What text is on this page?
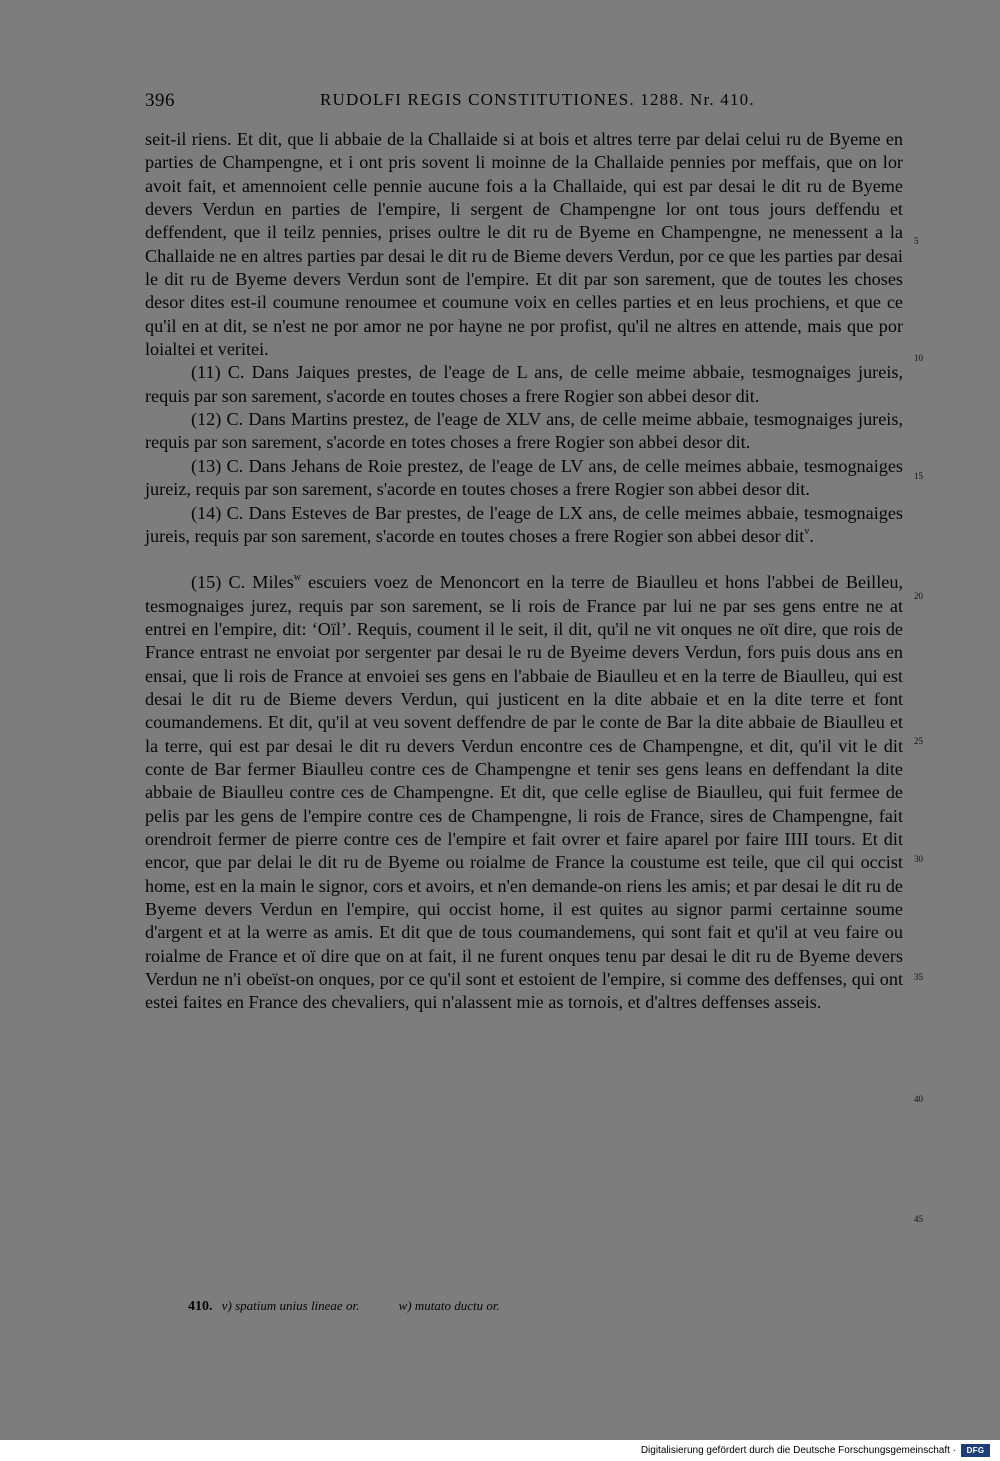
396	RUDOLFI REGIS CONSTITUTIONES. 1288. Nr. 410.

seit-il riens. Et dit, que li abbaie de la Challaide si at bois et altres terre par delai celui ru de Byeme en parties de Champengne, et i ont pris sovent li moinne de la Challaide pennies por meffais, que on lor avoit fait, et amennoient celle pennie aucune fois a la Challaide, qui est par desai le dit ru de Byeme devers Verdun en parties de l'empire, li sergent de Champengne lor ont tous jours deffendu et deffendent, que il teilz pennies, prises oultre le dit ru de Byeme en Champengne, ne menessent a la Challaide ne en altres parties par desai le dit ru de Bieme devers Verdun, por ce que les parties par desai le dit ru de Byeme devers Verdun sont de l'empire. Et dit par son sarement, que de toutes les choses desor dites est-il coumune renoumee et coumune voix en celles parties et en leus prochiens, et que ce qu'il en at dit, se n'est ne por amor ne por hayne ne por profist, qu'il ne altres en attende, mais que por loialtei et veritei.

(11) C. Dans Jaiques prestes, de l'eage de L ans, de celle meime abbaie, tesmognaiges jureis, requis par son sarement, s'acorde en toutes choses a frere Rogier son abbei desor dit.

(12) C. Dans Martins prestez, de l'eage de XLV ans, de celle meime abbaie, tesmognaiges jureis, requis par son sarement, s'acorde en totes choses a frere Rogier son abbei desor dit.

(13) C. Dans Jehans de Roie prestez, de l'eage de LV ans, de celle meimes abbaie, tesmognaiges jureiz, requis par son sarement, s'acorde en toutes choses a frere Rogier son abbei desor dit.

(14) C. Dans Esteves de Bar prestes, de l'eage de LX ans, de celle meimes abbaie, tesmognaiges jureis, requis par son sarement, s'acorde en toutes choses a frere Rogier son abbei desor dit$^v$.

(15) C. Miles$^w$ escuiers voez de Menoncort en la terre de Biaulleu et hons l'abbei de Beilleu, tesmognaiges jurez, requis par son sarement, se li rois de France par lui ne par ses gens entre ne at entrei en l'empire, dit: ‘Oïl’. Requis, coument il le seit, il dit, qu'il ne vit onques ne oït dire, que rois de France entrast ne envoiat por sergenter par desai le ru de Byeime devers Verdun, fors puis dous ans en ensai, que li rois de France at envoiei ses gens en l'abbaie de Biaulleu et en la terre de Biaulleu, qui est desai le dit ru de Bieme devers Verdun, qui justicent en la dite abbaie et en la dite terre et font coumandemens. Et dit, qu'il at veu sovent deffendre de par le conte de Bar la dite abbaie de Biaulleu et la terre, qui est par desai le dit ru devers Verdun encontre ces de Champengne, et dit, qu'il vit le dit conte de Bar fermer Biaulleu contre ces de Champengne et tenir ses gens leans en deffendant la dite abbaie de Biaulleu contre ces de Champengne. Et dit, que celle eglise de Biaulleu, qui fuit fermee de pelis par les gens de l'empire contre ces de Champengne, li rois de France, sires de Champengne, fait orendroit fermer de pierre contre ces de l'empire et fait ovrer et faire aparel por faire IIII tours. Et dit encor, que par delai le dit ru de Byeme ou roialme de France la coustume est teile, que cil qui occist home, est en la main le signor, cors et avoirs, et n'en demande-on riens les amis; et par desai le dit ru de Byeme devers Verdun en l'empire, qui occist home, il est quites au signor parmi certainne soume d'argent et at la werre as amis. Et dit que de tous coumandemens, qui sont fait et qu'il at veu faire ou roialme de France et oï dire que on at fait, il ne furent onques tenu par desai le dit ru de Byeme devers Verdun ne n'i obeïst-on onques, por ce qu'il sont et estoient de l'empire, si comme des deffenses, qui ont estei faites en France des chevaliers, qui n'alassent mie as tornois, et d'altres deffenses asseis.

5
10
15
20
25
30
35
40
45
410. v) spatium unius lineae or.	w) mutato ductu or.
Digitalisierung gefördert durch die Deutsche Forschungsgemeinschaft ·	DFG
